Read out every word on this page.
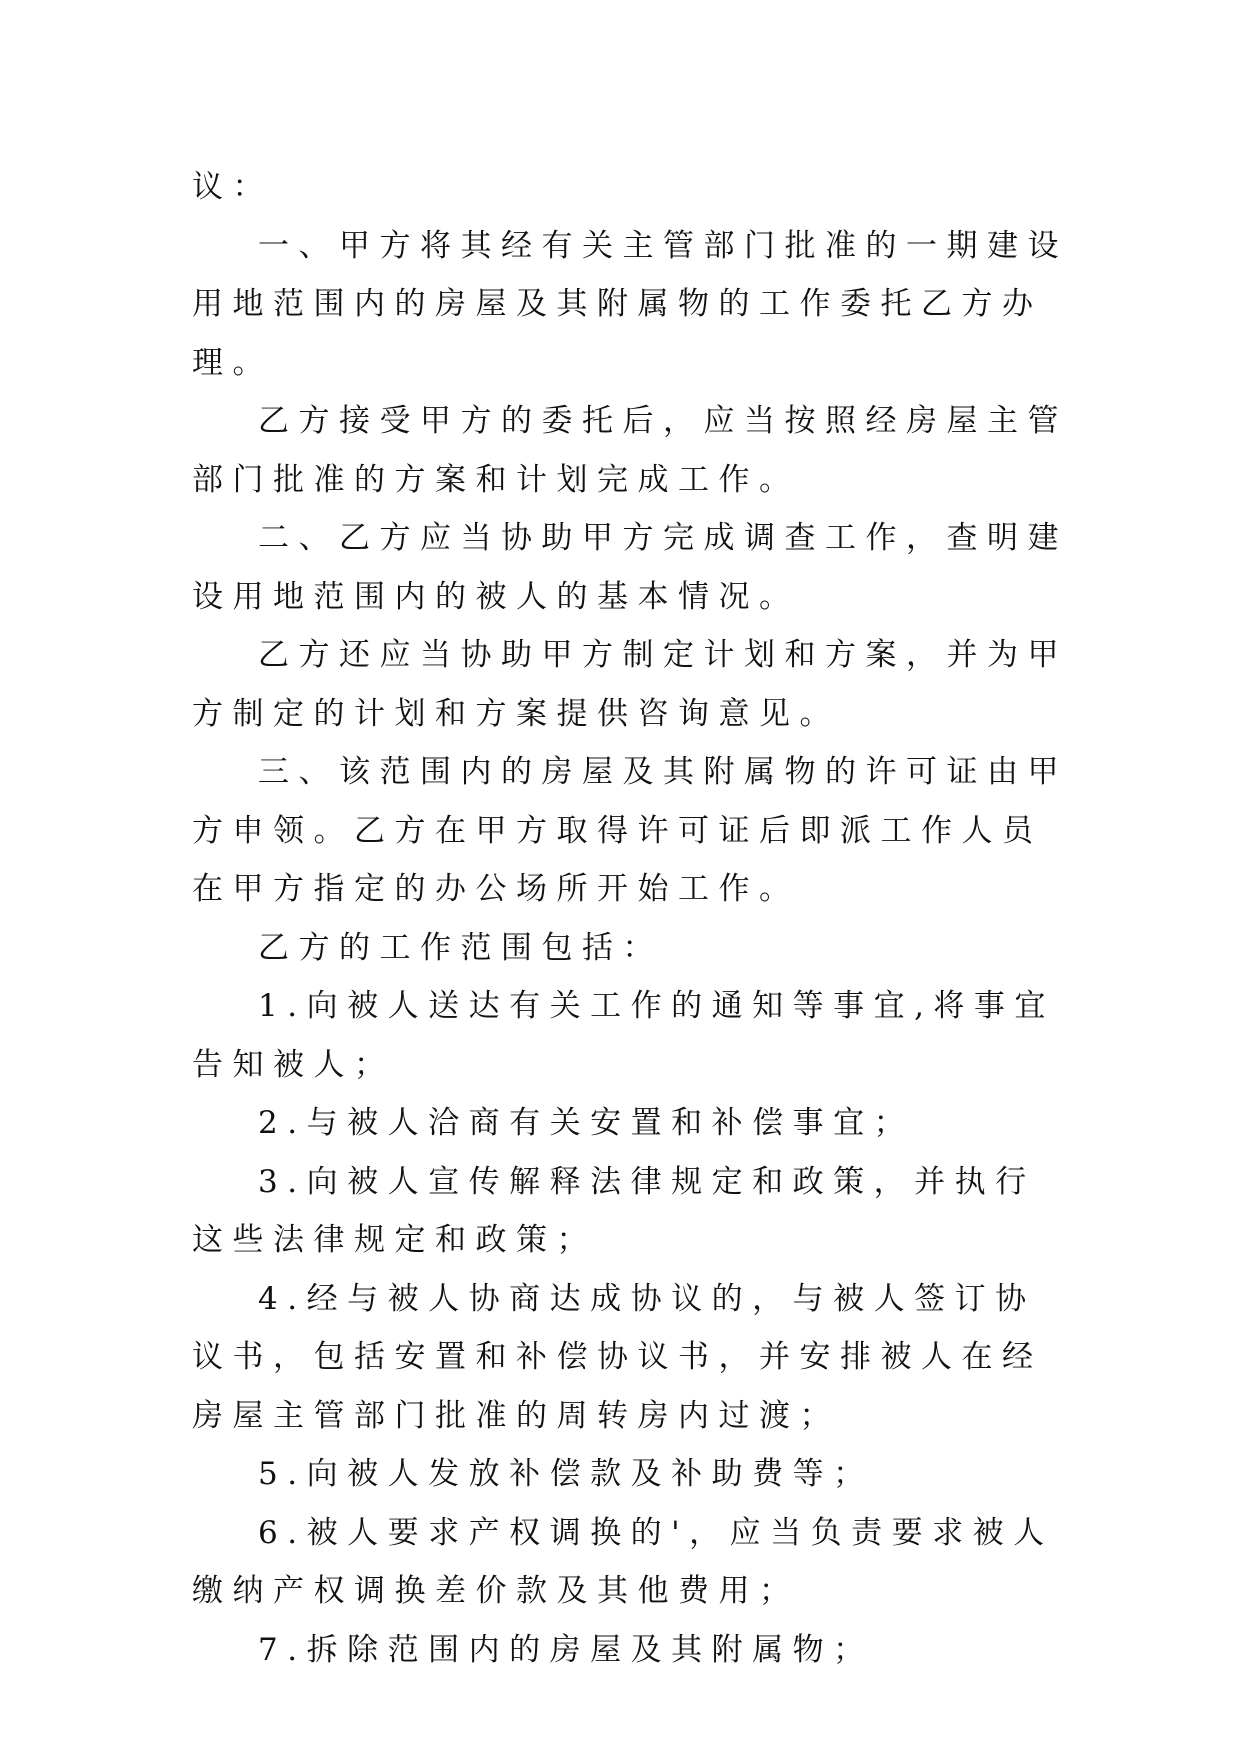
议：

一、甲方将其经有关主管部门批准的一期建设用地范围内的房屋及其附属物的工作委托乙方办理。

乙方接受甲方的委托后，应当按照经房屋主管部门批准的方案和计划完成工作。

二、乙方应当协助甲方完成调查工作，查明建设用地范围内的被人的基本情况。

乙方还应当协助甲方制定计划和方案，并为甲方制定的计划和方案提供咨询意见。

三、该范围内的房屋及其附属物的许可证由甲方申领。乙方在甲方取得许可证后即派工作人员在甲方指定的办公场所开始工作。

乙方的工作范围包括：

1.向被人送达有关工作的通知等事宜,将事宜告知被人；

2.与被人洽商有关安置和补偿事宜；

3.向被人宣传解释法律规定和政策，并执行这些法律规定和政策；

4.经与被人协商达成协议的，与被人签订协议书，包括安置和补偿协议书，并安排被人在经房屋主管部门批准的周转房内过渡；

5.向被人发放补偿款及补助费等；

6.被人要求产权调换的'，应当负责要求被人缴纳产权调换差价款及其他费用；

7.拆除范围内的房屋及其附属物；
